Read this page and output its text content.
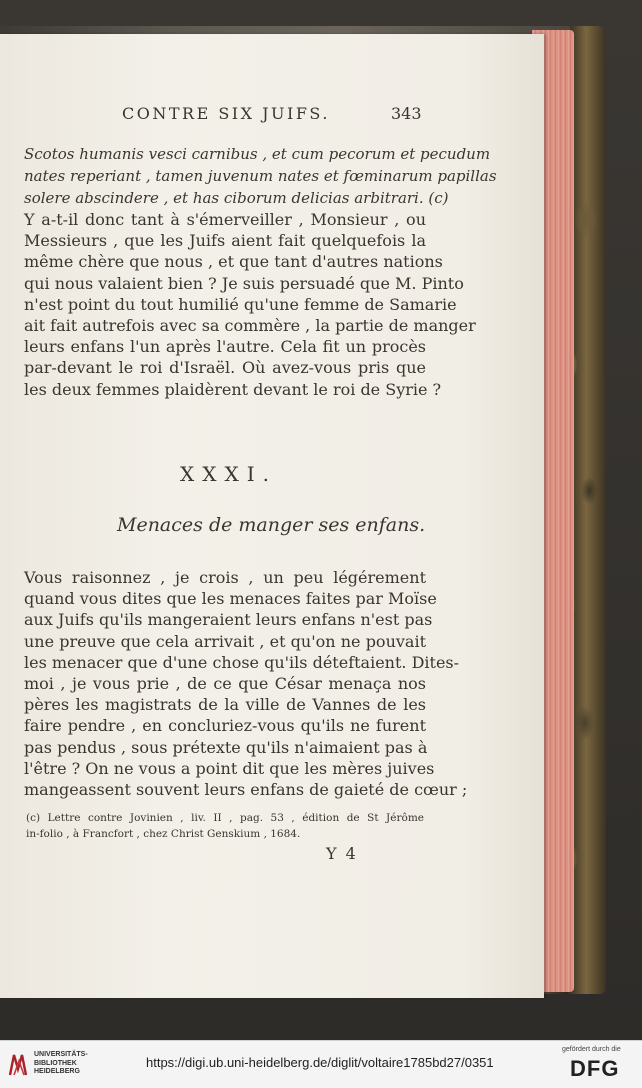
CONTRE SIX JUIFS.	343
Scotos humanis vesci carnibus , et cum pecorum et pecudum
nates reperiant , tamen juvenum nates et fœminarum papillas
solere abscindere , et has ciborum delicias arbitrari. (c)
Y a-t-il donc tant à s'émerveiller , Monsieur , ou
Messieurs , que les Juifs aient fait quelquefois la
même chère que nous , et que tant d'autres nations
qui nous valaient bien ? Je suis persuadé que M. Pinto
n'est point du tout humilié qu'une femme de Samarie
ait fait autrefois avec sa commère , la partie de manger
leurs enfans l'un après l'autre. Cela fit un procès
par-devant le roi d'Israël. Où avez-vous pris que
les deux femmes plaidèrent devant le roi de Syrie ?
XXXI.
Menaces de manger ses enfans.
Vous raisonnez , je crois , un peu légérement
quand vous dites que les menaces faites par Moïse
aux Juifs qu'ils mangeraient leurs enfans n'est pas
une preuve que cela arrivait , et qu'on ne pouvait
les menacer que d'une chose qu'ils déteftaient. Dites-
moi , je vous prie , de ce que César menaça nos
pères les magistrats de la ville de Vannes de les
faire pendre , en concluriez-vous qu'ils ne furent
pas pendus , sous prétexte qu'ils n'aimaient pas à
l'être ? On ne vous a point dit que les mères juives
mangeassent souvent leurs enfans de gaieté de cœur ;
(c) Lettre contre Jovinien , liv. II , pag. 53 , édition de St Jérôme
in-folio , à Francfort , chez Christ Genskium , 1684.
Y 4
UNIVERSITÄTS-
BIBLIOTHEK
HEIDELBERG
https://digi.ub.uni-heidelberg.de/diglit/voltaire1785bd27/0351
gefördert durch die
DFG
